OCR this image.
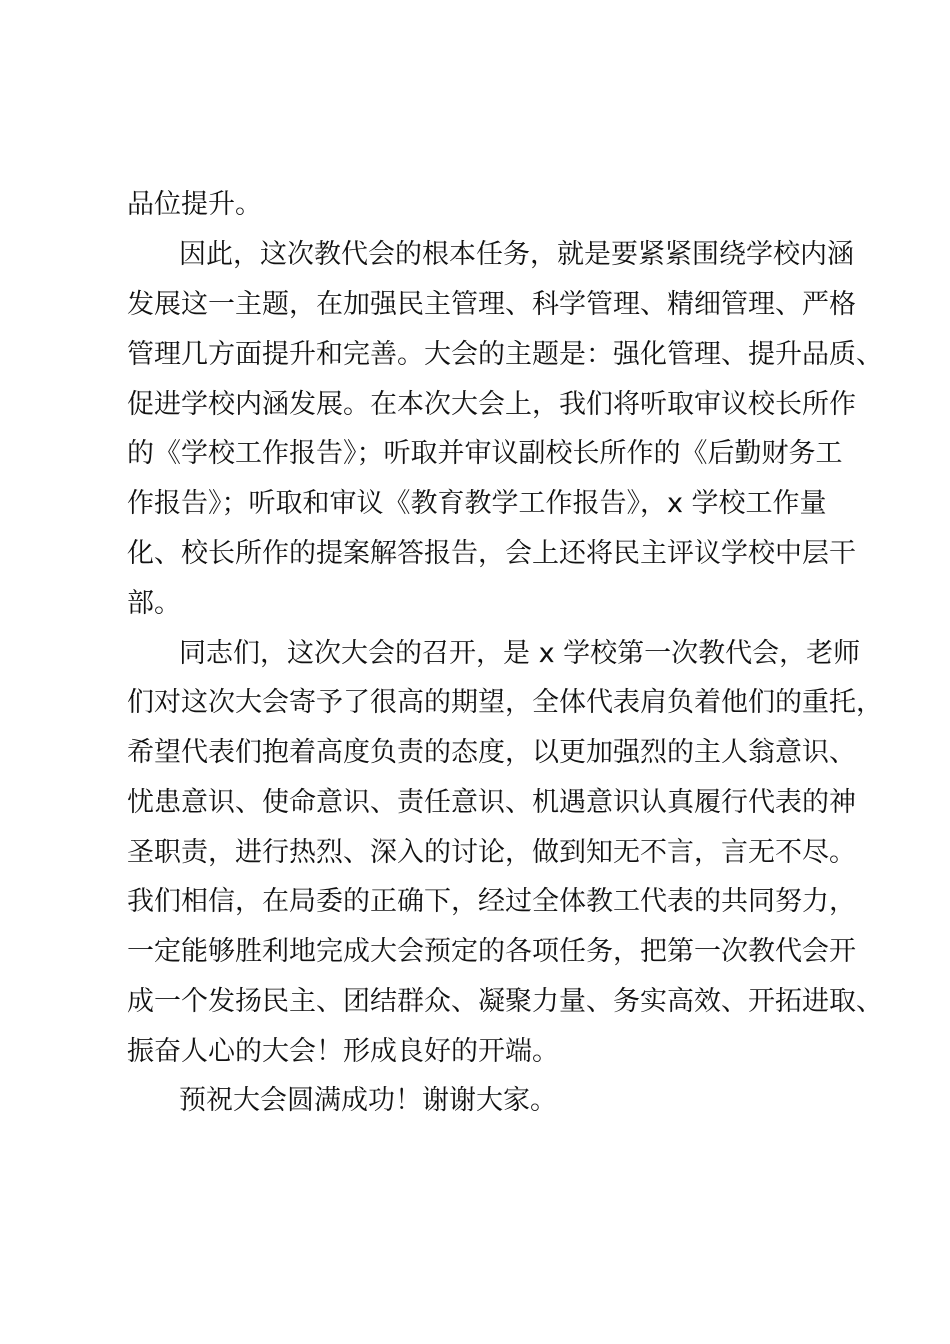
品位提升。

因此，这次教代会的根本任务，就是要紧紧围绕学校内涵

发展这一主题，在加强民主管理、科学管理、精细管理、严格

管理几方面提升和完善。大会的主题是：强化管理、提升品质、

促进学校内涵发展。在本次大会上，我们将听取审议校长所作

的《学校工作报告》；听取并审议副校长所作的《后勤财务工

作报告》；听取和审议《教育教学工作报告》，x 学校工作量

化、校长所作的提案解答报告，会上还将民主评议学校中层干

部。

同志们，这次大会的召开，是 x 学校第一次教代会，老师

们对这次大会寄予了很高的期望，全体代表肩负着他们的重托，

希望代表们抱着高度负责的态度，以更加强烈的主人翁意识、

忧患意识、使命意识、责任意识、机遇意识认真履行代表的神

圣职责，进行热烈、深入的讨论，做到知无不言，言无不尽。

我们相信，在局委的正确下，经过全体教工代表的共同努力，

一定能够胜利地完成大会预定的各项任务，把第一次教代会开

成一个发扬民主、团结群众、凝聚力量、务实高效、开拓进取、

振奋人心的大会！形成良好的开端。

预祝大会圆满成功！谢谢大家。
